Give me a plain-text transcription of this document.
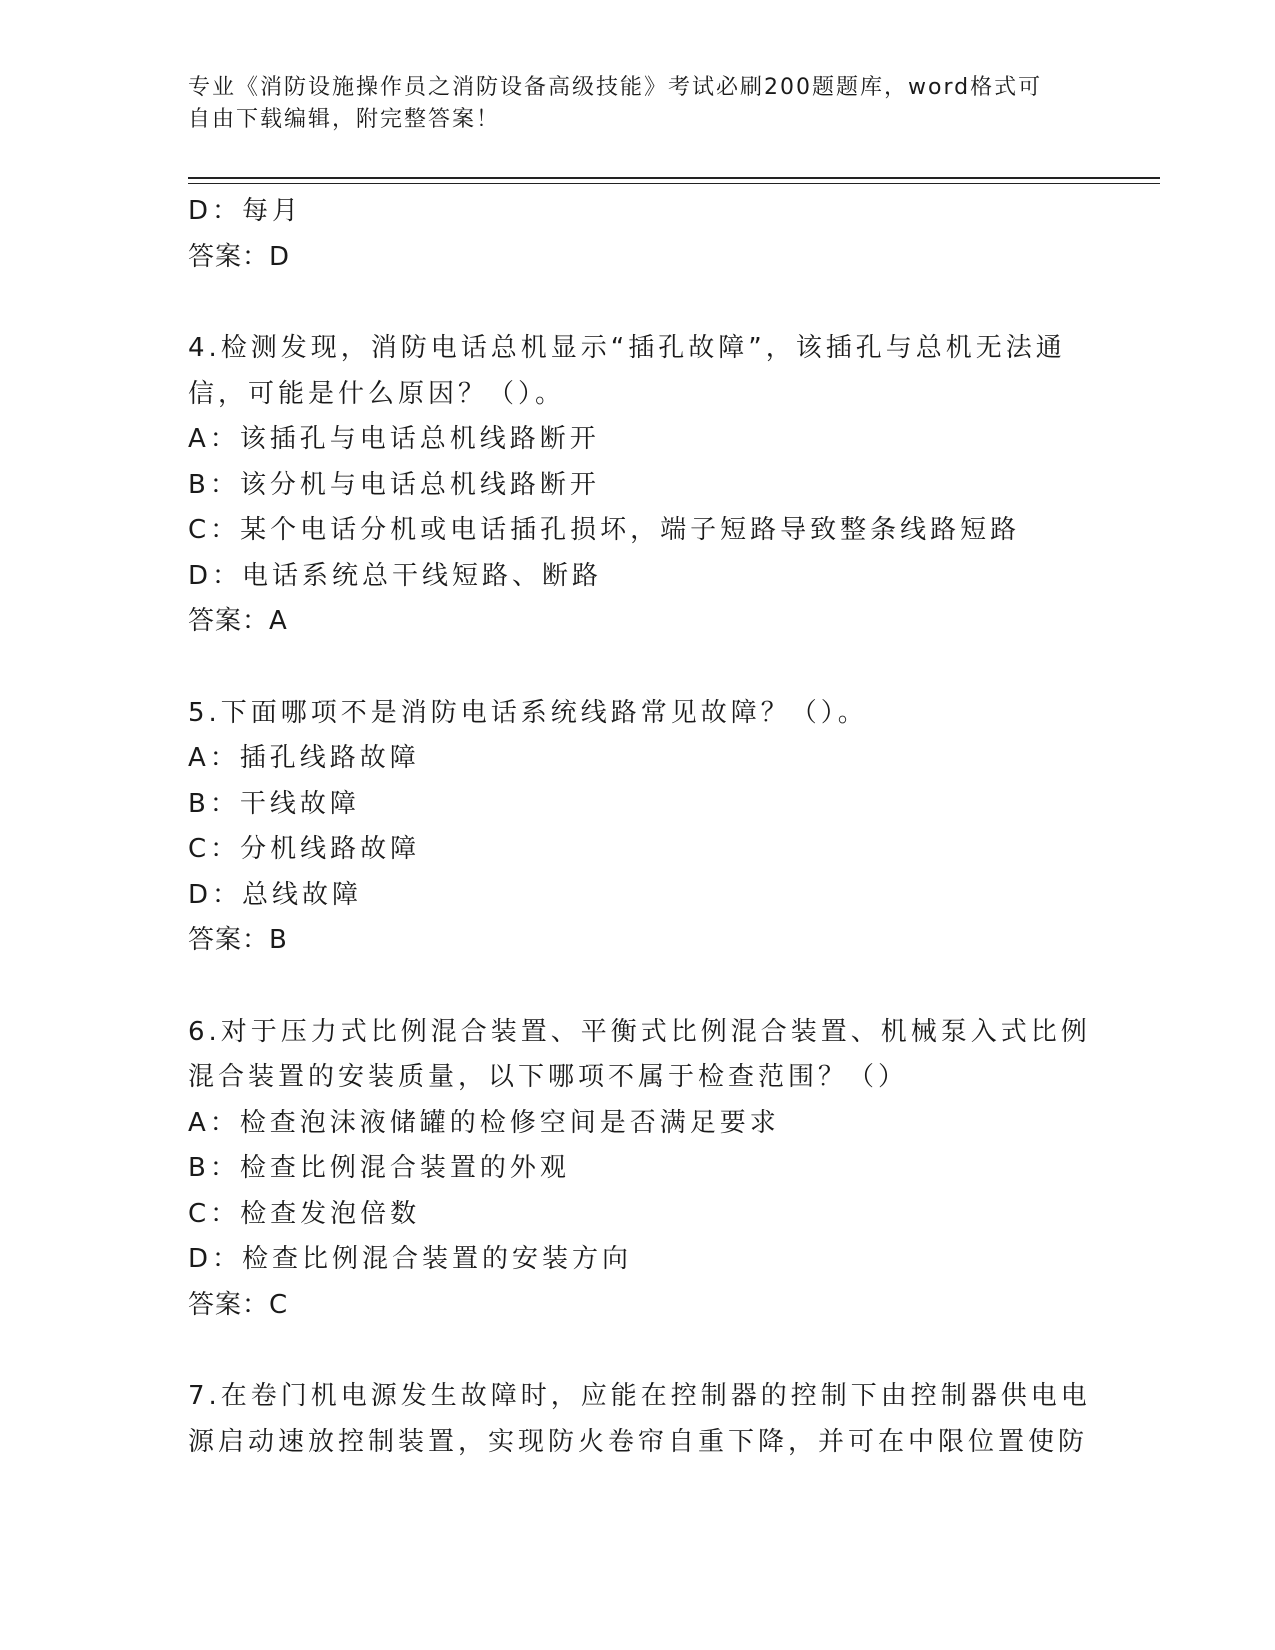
专业《消防设施操作员之消防设备高级技能》考试必刷200题题库，word格式可
自由下载编辑，附完整答案！
D：每月
答案：D
4.检测发现，消防电话总机显示“插孔故障”，该插孔与总机无法通
信，可能是什么原因？（）。
A：该插孔与电话总机线路断开
B：该分机与电话总机线路断开
C：某个电话分机或电话插孔损坏，端子短路导致整条线路短路
D：电话系统总干线短路、断路
答案：A
5.下面哪项不是消防电话系统线路常见故障？（）。
A：插孔线路故障
B：干线故障
C：分机线路故障
D：总线故障
答案：B
6.对于压力式比例混合装置、平衡式比例混合装置、机械泵入式比例
混合装置的安装质量，以下哪项不属于检查范围？（）
A：检查泡沫液储罐的检修空间是否满足要求
B：检查比例混合装置的外观
C：检查发泡倍数
D：检查比例混合装置的安装方向
答案：C
7.在卷门机电源发生故障时，应能在控制器的控制下由控制器供电电
源启动速放控制装置，实现防火卷帘自重下降，并可在中限位置使防
